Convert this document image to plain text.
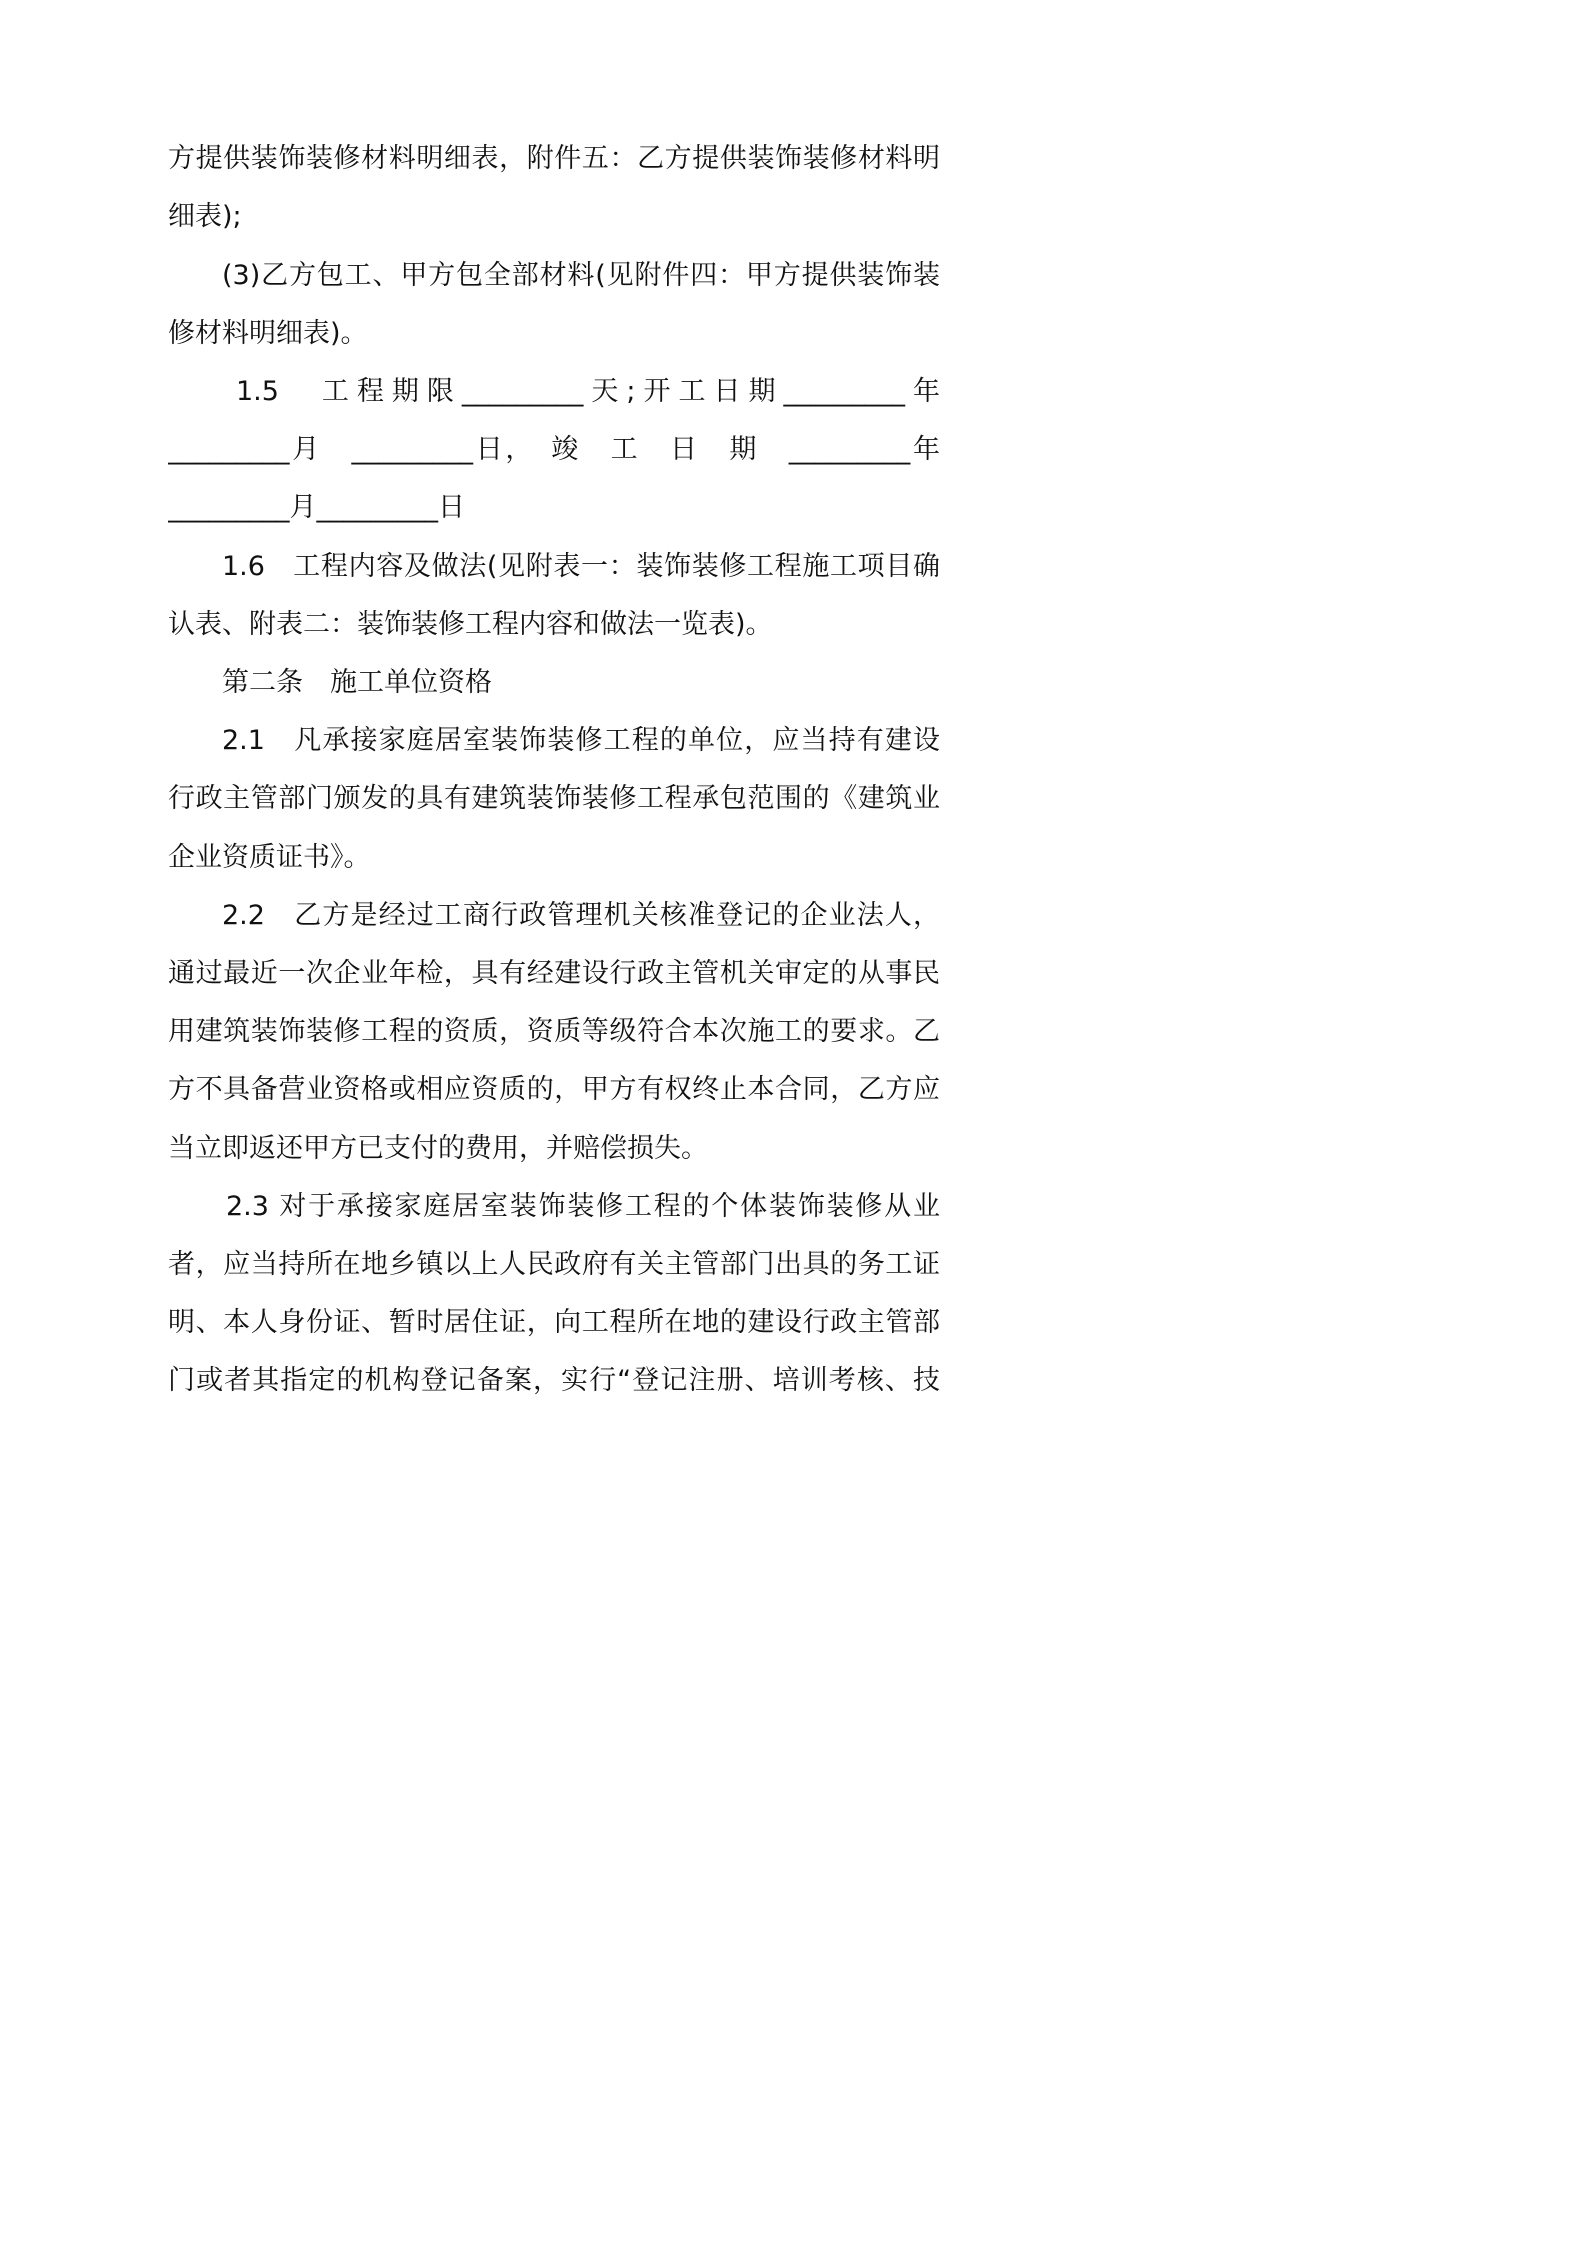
方提供装饰装修材料明细表，附件五：乙方提供装饰装修材料明
细表);
(3)乙方包工、甲方包全部材料(见附件四：甲方提供装饰装
修材料明细表)。
1.5　工程期限_________天;开工日期_________年
_________月　_________日，　竣　工　日　期　_________年
_________月_________日
1.6　工程内容及做法(见附表一：装饰装修工程施工项目确
认表、附表二：装饰装修工程内容和做法一览表)。
第二条　施工单位资格
2.1　凡承接家庭居室装饰装修工程的单位，应当持有建设
行政主管部门颁发的具有建筑装饰装修工程承包范围的《建筑业
企业资质证书》。
2.2　乙方是经过工商行政管理机关核准登记的企业法人，
通过最近一次企业年检，具有经建设行政主管机关审定的从事民
用建筑装饰装修工程的资质，资质等级符合本次施工的要求。乙
方不具备营业资格或相应资质的，甲方有权终止本合同，乙方应
当立即返还甲方已支付的费用，并赔偿损失。
2.3 对于承接家庭居室装饰装修工程的个体装饰装修从业
者，应当持所在地乡镇以上人民政府有关主管部门出具的务工证
明、本人身份证、暂时居住证，向工程所在地的建设行政主管部
门或者其指定的机构登记备案，实行“登记注册、培训考核、技
